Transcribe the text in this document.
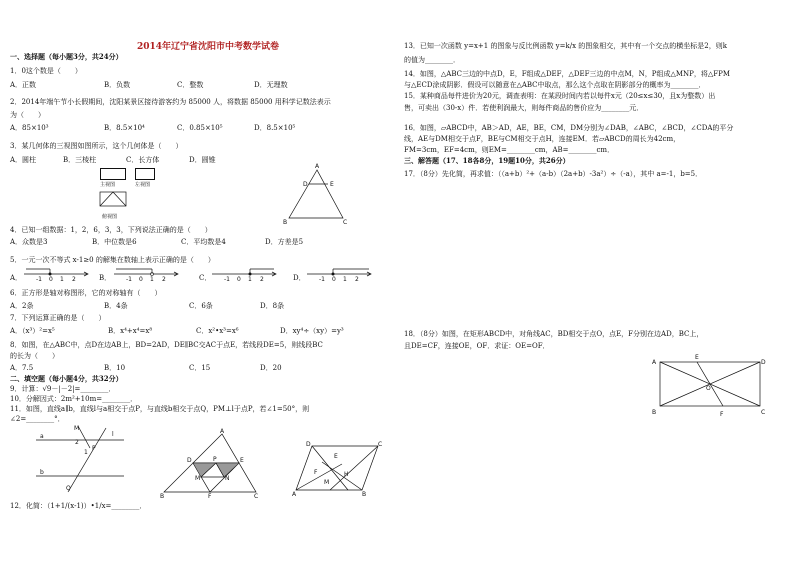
2014年辽宁省沈阳市中考数学试卷
一、选择题（每小题3分，共24分）
1．0这个数是（　　）
A．正数	B．负数	C．整数	D．无理数
2．2014年端午节小长假期间，沈阳某景区接待游客约为 85000 人，将数据 85000 用科学记数法表示
为（　　）
A．85×10³	B．8.5×10⁴	C．0.85×10⁵	D．8.5×10⁵
3．某几何体的三视图如图所示，这个几何体是（　　）
A．圆柱	B．三棱柱	C．长方体	D．圆锥
主视图	左视图
俯视图
A
D	E
B	C
4．已知一组数据：1，2，6，3，3，下列说法正确的是（　　）
A．众数是3	B．中位数是6	C．平均数是4	D．方差是5
5．一元一次不等式 x-1≥0 的解集在数轴上表示正确的是（　　）
A． -1 0 1 2	B． -1 0 1 2	C． -1 0 1 2	D． -1 0 1 2
6．正方形是轴对称图形，它的对称轴有（　　）
A．2条	B．4条	C．6条	D．8条
7．下列运算正确的是（　　）
A．（x³）²=x⁵	B．x⁴+x⁴=x⁸	C．x²•x³=x⁶	D．xy⁴÷（xy）=y³
8．如图，在△ABC中，点D在边AB上，BD=2AD，DE∥BC交AC于点E，若线段DE=5，则线段BC
的长为（　　）
A．7.5	B．10	C．15	D．20
二、填空题（每小题4分，共32分）
9．计算：√9－|－2|=________．
10．分解因式：2m²+10m=________．
11．如图，直线a∥b，直线l与a相交于点P，与直线b相交于点Q，PM⊥l于点P，若∠1=50°，则
∠2=________°．
M
a
2
1
P
b
l
Q
A
D	E
P
M	N
B	F	C
D	C
E
F	H
M
A	B
12．化简：（1+1/(x-1)）•1/x=________．
13．已知一次函数 y=x+1 的图象与反比例函数 y=k/x 的图象相交，其中有一个交点的横坐标是2，则k
的值为________．
14．如图，△ABC三边的中点D，E，F组成△DEF，△DEF三边的中点M，N，P组成△MNP，将△FPM
与△ECD涂成阴影．假设可以随意在△ABC中取点，那么这个点取在阴影部分的概率为________．
15．某种商品每件进价为20元，调查表明：在某段时间内若以每件x元（20≤x≤30，且x为整数）出
售，可卖出（30-x）件．若使利润最大，则每件商品的售价应为________元．
16．如图，▱ABCD中，AB＞AD，AE，BE，CM，DM分别为∠DAB，∠ABC，∠BCD，∠CDA的平分
线，AE与DM相交于点F，BE与CM相交于点H，连接EM．若▱ABCD的周长为42cm，
FM=3cm，EF=4cm，则EM=________cm，AB=________cm．
三、解答题（17、18各8分，19题10分，共26分）
17．（8分）先化简，再求值：（（a+b）²+（a-b）（2a+b）-3a²）÷（-a），其中 a=-1，b=5．
18．（8分）如图，在矩形ABCD中，对角线AC，BD相交于点O，点E，F分别在边AD，BC上，
且DE=CF，连接OE，OF．求证：OE=OF．
A
E
D
O
B	F	C
